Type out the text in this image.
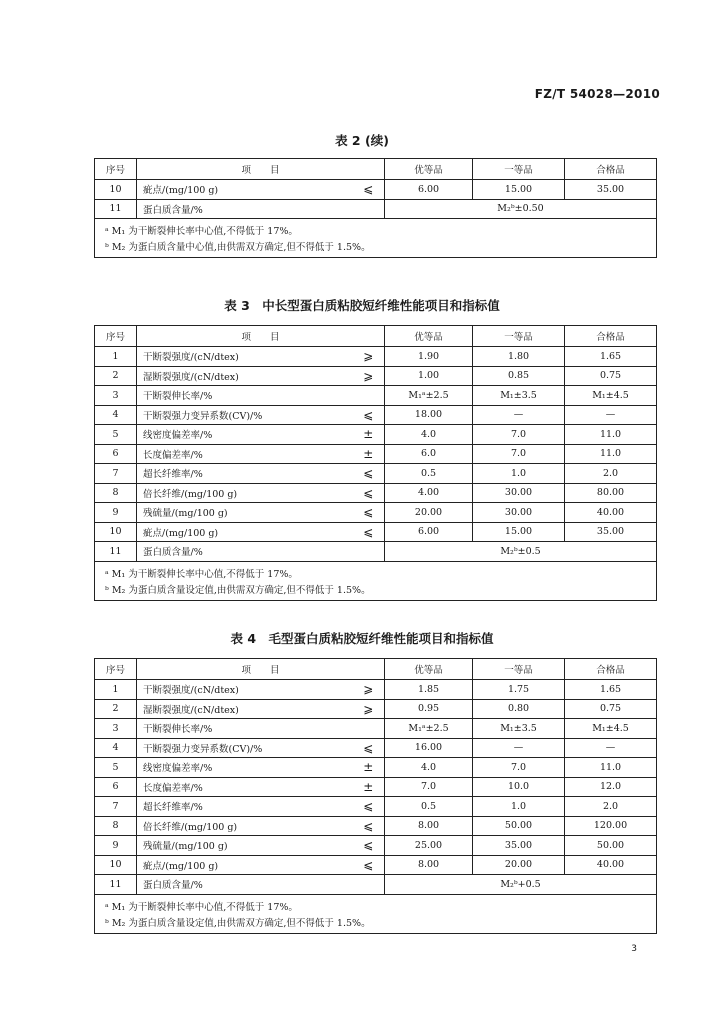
FZ/T 54028—2010
表 2 (续)
序号	项　　目		优等品	一等品	合格品
10	疵点/(mg/100 g)	⩽	6.00	15.00	35.00
11	蛋白质含量/%		M₂ᵇ±0.50		
ᵃ M₁ 为干断裂伸长率中心值,不得低于 17%。					
ᵇ M₂ 为蛋白质含量中心值,由供需双方确定,但不得低于 1.5%。					
表 3　中长型蛋白质粘胶短纤维性能项目和指标值
序号	项　　目		优等品	一等品	合格品
1	干断裂强度/(cN/dtex)	⩾	1.90	1.80	1.65
2	湿断裂强度/(cN/dtex)	⩾	1.00	0.85	0.75
3	干断裂伸长率/%		M₁ᵃ±2.5	M₁±3.5	M₁±4.5
4	干断裂强力变异系数(CV)/%	⩽	18.00	—	—
5	线密度偏差率/%	±	4.0	7.0	11.0
6	长度偏差率/%	±	6.0	7.0	11.0
7	超长纤维率/%	⩽	0.5	1.0	2.0
8	倍长纤维/(mg/100 g)	⩽	4.00	30.00	80.00
9	残硫量/(mg/100 g)	⩽	20.00	30.00	40.00
10	疵点/(mg/100 g)	⩽	6.00	15.00	35.00
11	蛋白质含量/%		M₂ᵇ±0.5		
ᵃ M₁ 为干断裂伸长率中心值,不得低于 17%。					
ᵇ M₂ 为蛋白质含量设定值,由供需双方确定,但不得低于 1.5%。					
表 4　毛型蛋白质粘胶短纤维性能项目和指标值
序号	项　　目		优等品	一等品	合格品
1	干断裂强度/(cN/dtex)	⩾	1.85	1.75	1.65
2	湿断裂强度/(cN/dtex)	⩾	0.95	0.80	0.75
3	干断裂伸长率/%		M₁ᵃ±2.5	M₁±3.5	M₁±4.5
4	干断裂强力变异系数(CV)/%	⩽	16.00	—	—
5	线密度偏差率/%	±	4.0	7.0	11.0
6	长度偏差率/%	±	7.0	10.0	12.0
7	超长纤维率/%	⩽	0.5	1.0	2.0
8	倍长纤维/(mg/100 g)	⩽	8.00	50.00	120.00
9	残硫量/(mg/100 g)	⩽	25.00	35.00	50.00
10	疵点/(mg/100 g)	⩽	8.00	20.00	40.00
11	蛋白质含量/%		M₂ᵇ+0.5		
ᵃ M₁ 为干断裂伸长率中心值,不得低于 17%。					
ᵇ M₂ 为蛋白质含量设定值,由供需双方确定,但不得低于 1.5%。					
3
